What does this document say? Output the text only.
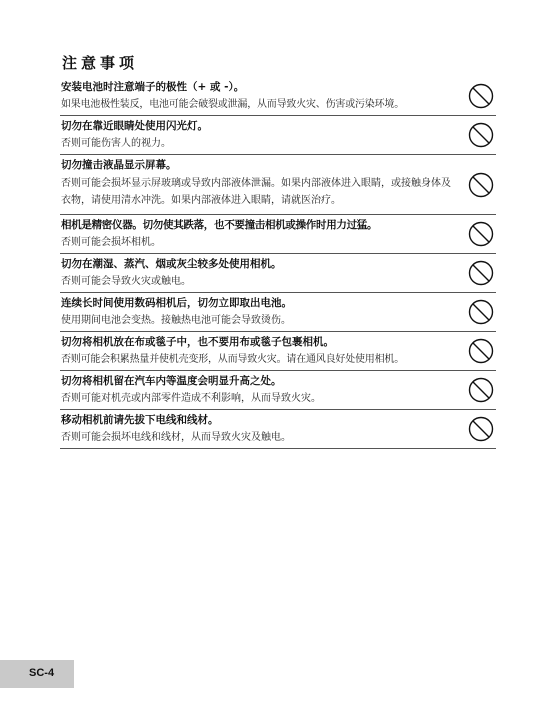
注意事项
安装电池时注意端子的极性（+ 或 -）。
如果电池极性装反，电池可能会破裂或泄漏，从而导致火灾、伤害或污染环境。
切勿在靠近眼睛处使用闪光灯。
否则可能伤害人的视力。
切勿撞击液晶显示屏幕。
否则可能会损坏显示屏玻璃或导致内部液体泄漏。如果内部液体进入眼睛，或接触身体及衣物，请使用清水冲洗。如果内部液体进入眼睛，请就医治疗。
相机是精密仪器。切勿使其跌落，也不要撞击相机或操作时用力过猛。
否则可能会损坏相机。
切勿在潮湿、蒸汽、烟或灰尘较多处使用相机。
否则可能会导致火灾或触电。
连续长时间使用数码相机后，切勿立即取出电池。
使用期间电池会变热。接触热电池可能会导致烫伤。
切勿将相机放在布或毯子中，也不要用布或毯子包裹相机。
否则可能会积累热量并使机壳变形，从而导致火灾。请在通风良好处使用相机。
切勿将相机留在汽车内等温度会明显升高之处。
否则可能对机壳或内部零件造成不利影响，从而导致火灾。
移动相机前请先拔下电线和线材。
否则可能会损坏电线和线材，从而导致火灾及触电。
SC-4
